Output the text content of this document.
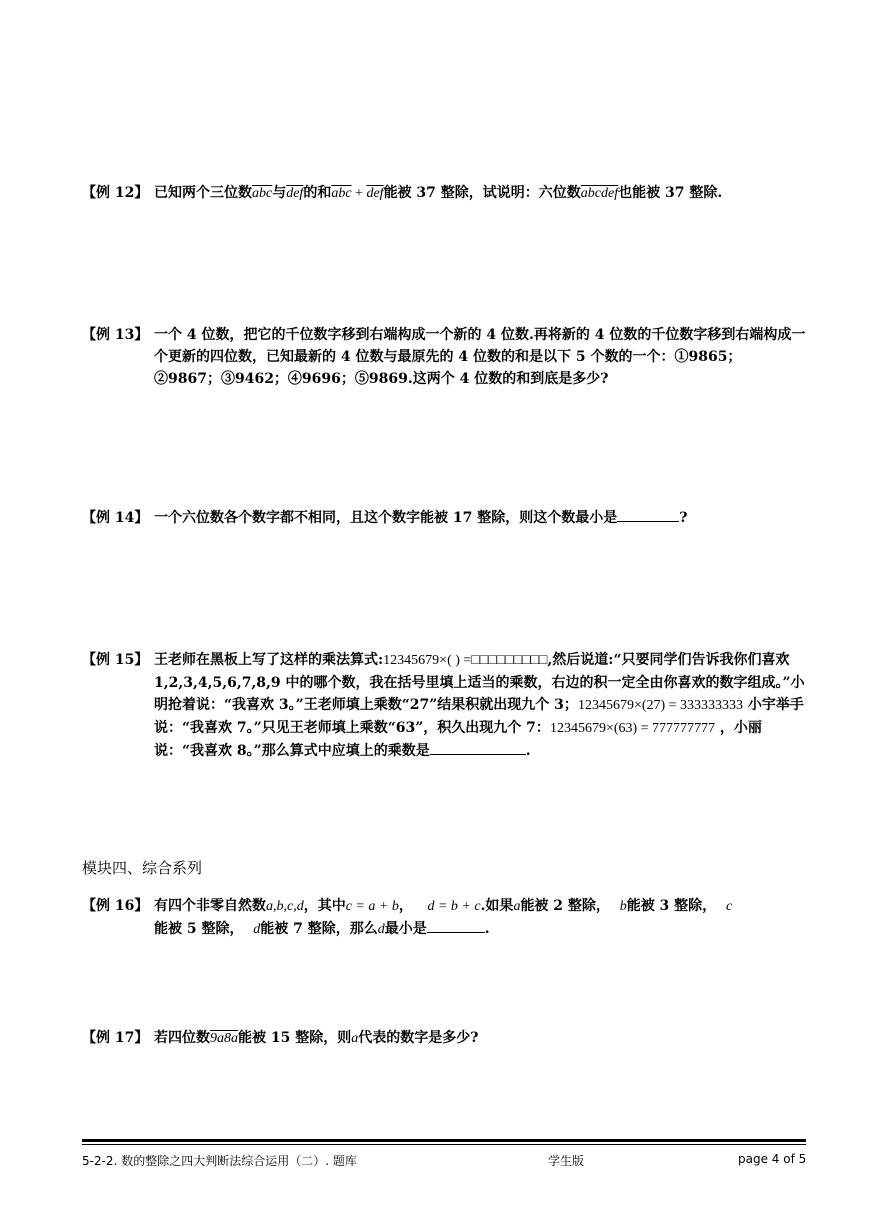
【例 12】 已知两个三位数$\overline{abc}$与$\overline{def}$的和$\overline{abc} + \overline{def}$能被 37 整除，试说明：六位数abcdef也能被 37 整除.
【例 13】 一个 4 位数，把它的千位数字移到右端构成一个新的 4 位数.再将新的 4 位数的千位数字移到右端构成一个更新的四位数，已知最新的 4 位数与最原先的 4 位数的和是以下 5 个数的一个：①9865；②9867；③9462；④9696；⑤9869.这两个 4 位数的和到底是多少?
【例 14】 一个六位数各个数字都不相同，且这个数字能被 17 整除，则这个数最小是	?
【例 15】 王老师在黑板上写了这样的乘法算式:12345679×( ) =□□□□□□□□□,然后说道:“只要同学们告诉我你们喜欢 1,2,3,4,5,6,7,8,9 中的哪个数，我在括号里填上适当的乘数，右边的积一定全由你喜欢的数字组成。”小明抢着说：“我喜欢 3。”王老师填上乘数“27”结果积就出现九个 3；12345679×(27) = 333333333 小宇举手说：“我喜欢 7。”只见王老师填上乘数“63”，积久出现九个 7：12345679×(63) = 777777777 ，小丽说：“我喜欢 8。”那么算式中应填上的乘数是	.
模块四、综合系列
【例 16】 有四个非零自然数a,b,c,d，其中c = a + b，   d = b + c.如果a能被 2 整除，  b能被 3 整除，  c能被 5 整除，  d能被 7 整除，那么d最小是	.
【例 17】 若四位数9a8a能被 15 整除，则a代表的数字是多少?
5-2-2. 数的整除之四大判断法综合运用（二）. 题库	学生版	page 4 of 5
